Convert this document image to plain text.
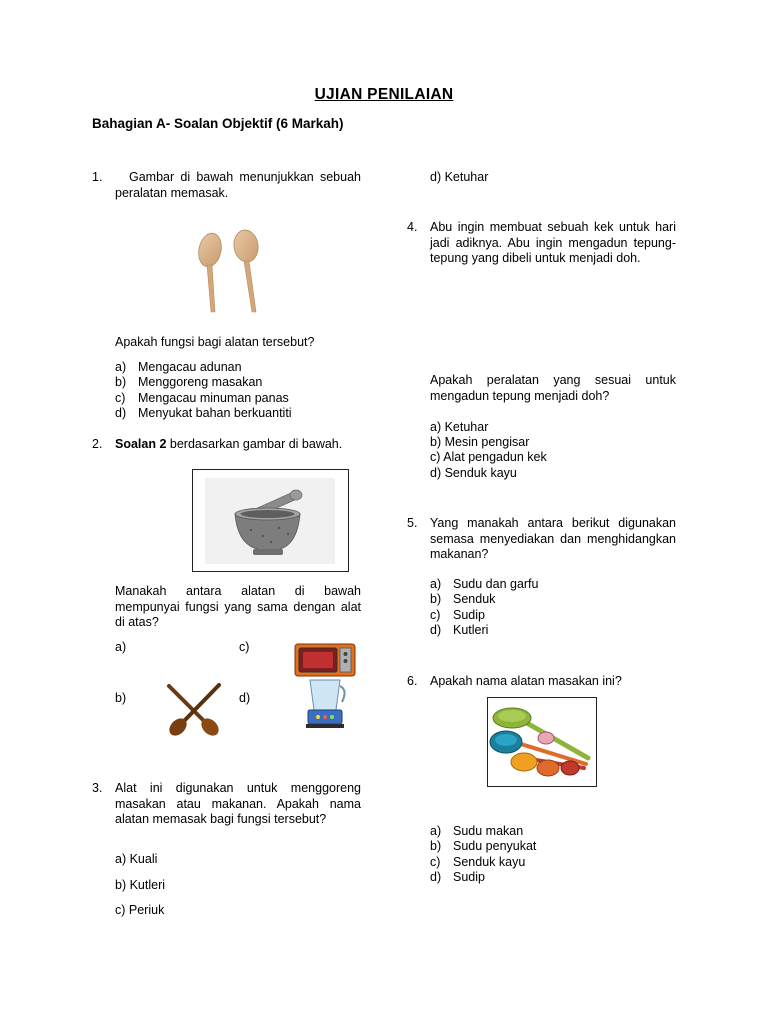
UJIAN PENILAIAN
Bahagian A- Soalan Objektif (6 Markah)
1.	Gambar di bawah menunjukkan sebuah peralatan memasak.
Apakah fungsi bagi alatan tersebut?
a) Mengacau adunan
b) Menggoreng masakan
c) Mengacau minuman panas
d) Menyukat bahan berkuantiti
2.	Soalan 2 berdasarkan gambar di bawah.
Manakah antara alatan di bawah mempunyai fungsi yang sama dengan alat di atas?
a)	c)
b)	d)
3.	Alat ini digunakan untuk menggoreng masakan atau makanan. Apakah nama alatan memasak bagi fungsi tersebut?
a) Kuali
b) Kutleri
c) Periuk
d) Ketuhar
4.	Abu ingin membuat sebuah kek untuk hari jadi adiknya. Abu ingin mengadun tepung-tepung yang dibeli untuk menjadi doh.
Apakah peralatan yang sesuai untuk mengadun tepung menjadi doh?
a) Ketuhar
b) Mesin pengisar
c) Alat pengadun kek
d) Senduk kayu
5.	Yang manakah antara berikut digunakan semasa menyediakan dan menghidangkan makanan?
a) Sudu dan garfu
b) Senduk
c) Sudip
d) Kutleri
6.	Apakah nama alatan masakan ini?
a) Sudu makan
b) Sudu penyukat
c) Senduk kayu
d) Sudip
